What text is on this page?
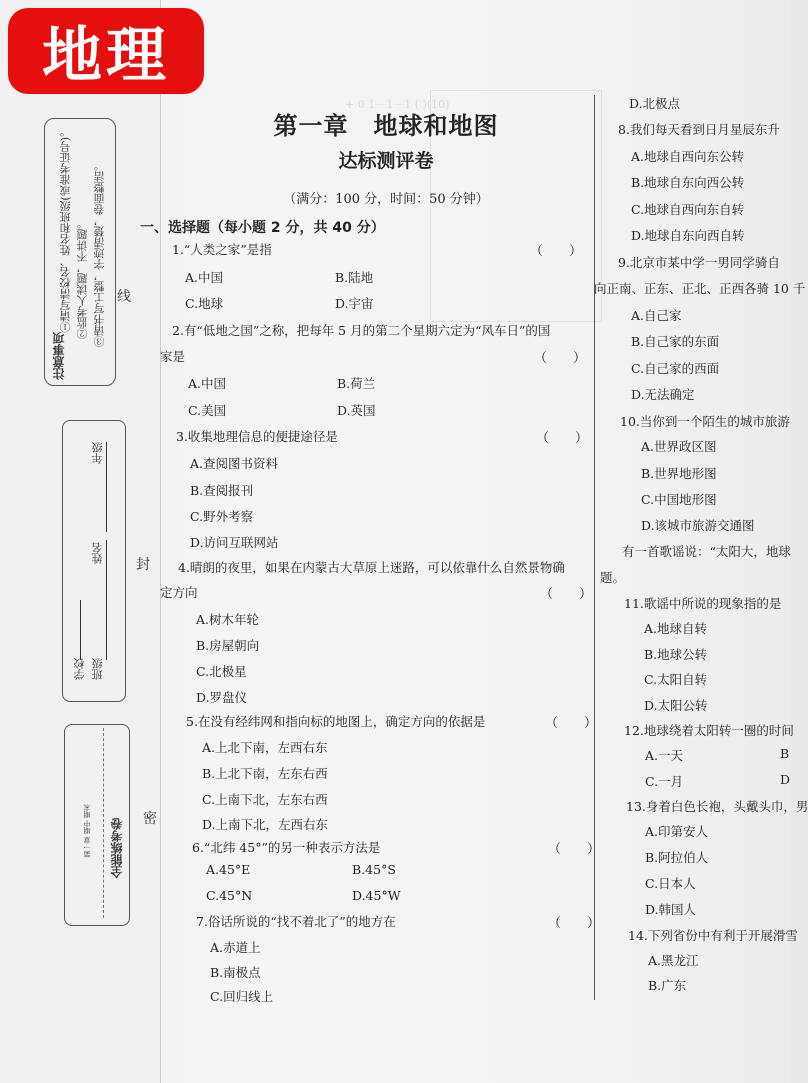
地理
注意事项
①请写清校名、姓名和班级(或准考证号)。 ②监考人读题，不讲题。 ③请书写工整，字迹清楚，卷面整洁。 线
封
密
年级
姓名
学校 班级
第一章 期中 期末 全能练考卷
+ 0 1－1－1 ( )(10)
第一章　地球和地图
达标测评卷
（满分：100 分，时间：50 分钟）
一、选择题（每小题 2 分，共 40 分）
1.“人类之家”是指	（　　）
A.中国	B.陆地
C.地球	D.宇宙
2.有“低地之国”之称，把每年 5 月的第二个星期六定为“风车日”的国
家是	（　　）
A.中国	B.荷兰
C.美国	D.英国
3.收集地理信息的便捷途径是	（　　）
A.查阅图书资料
B.查阅报刊
C.野外考察
D.访问互联网站
4.晴朗的夜里，如果在内蒙古大草原上迷路，可以依靠什么自然景物确
定方向	（　　）
A.树木年轮
B.房屋朝向
C.北极星
D.罗盘仪
5.在没有经纬网和指向标的地图上，确定方向的依据是	（　　）
A.上北下南，左西右东
B.上北下南，左东右西
C.上南下北，左东右西
D.上南下北，左西右东
6.“北纬 45°”的另一种表示方法是	（　　）
A.45°E	B.45°S
C.45°N	D.45°W
7.俗话所说的“找不着北了”的地方在	（　　）
A.赤道上
B.南极点
C.回归线上
D.北极点
8.我们每天看到日月星辰东升
A.地球自西向东公转
B.地球自东向西公转
C.地球自西向东自转
D.地球自东向西自转
9.北京市某中学一男同学骑自
向正南、正东、正北、正西各骑 10 千
A.自己家
B.自己家的东面
C.自己家的西面
D.无法确定
10.当你到一个陌生的城市旅游
A.世界政区图
B.世界地形图
C.中国地形图
D.该城市旅游交通图
有一首歌谣说：“太阳大，地球
题。
11.歌谣中所说的现象指的是
A.地球自转
B.地球公转
C.太阳自转
D.太阳公转
12.地球绕着太阳转一圈的时间
A.一天	B
C.一月	D
13.身着白色长袍，头戴头巾，男
A.印第安人
B.阿拉伯人
C.日本人
D.韩国人
14.下列省份中有利于开展滑雪
A.黑龙江
B.广东
